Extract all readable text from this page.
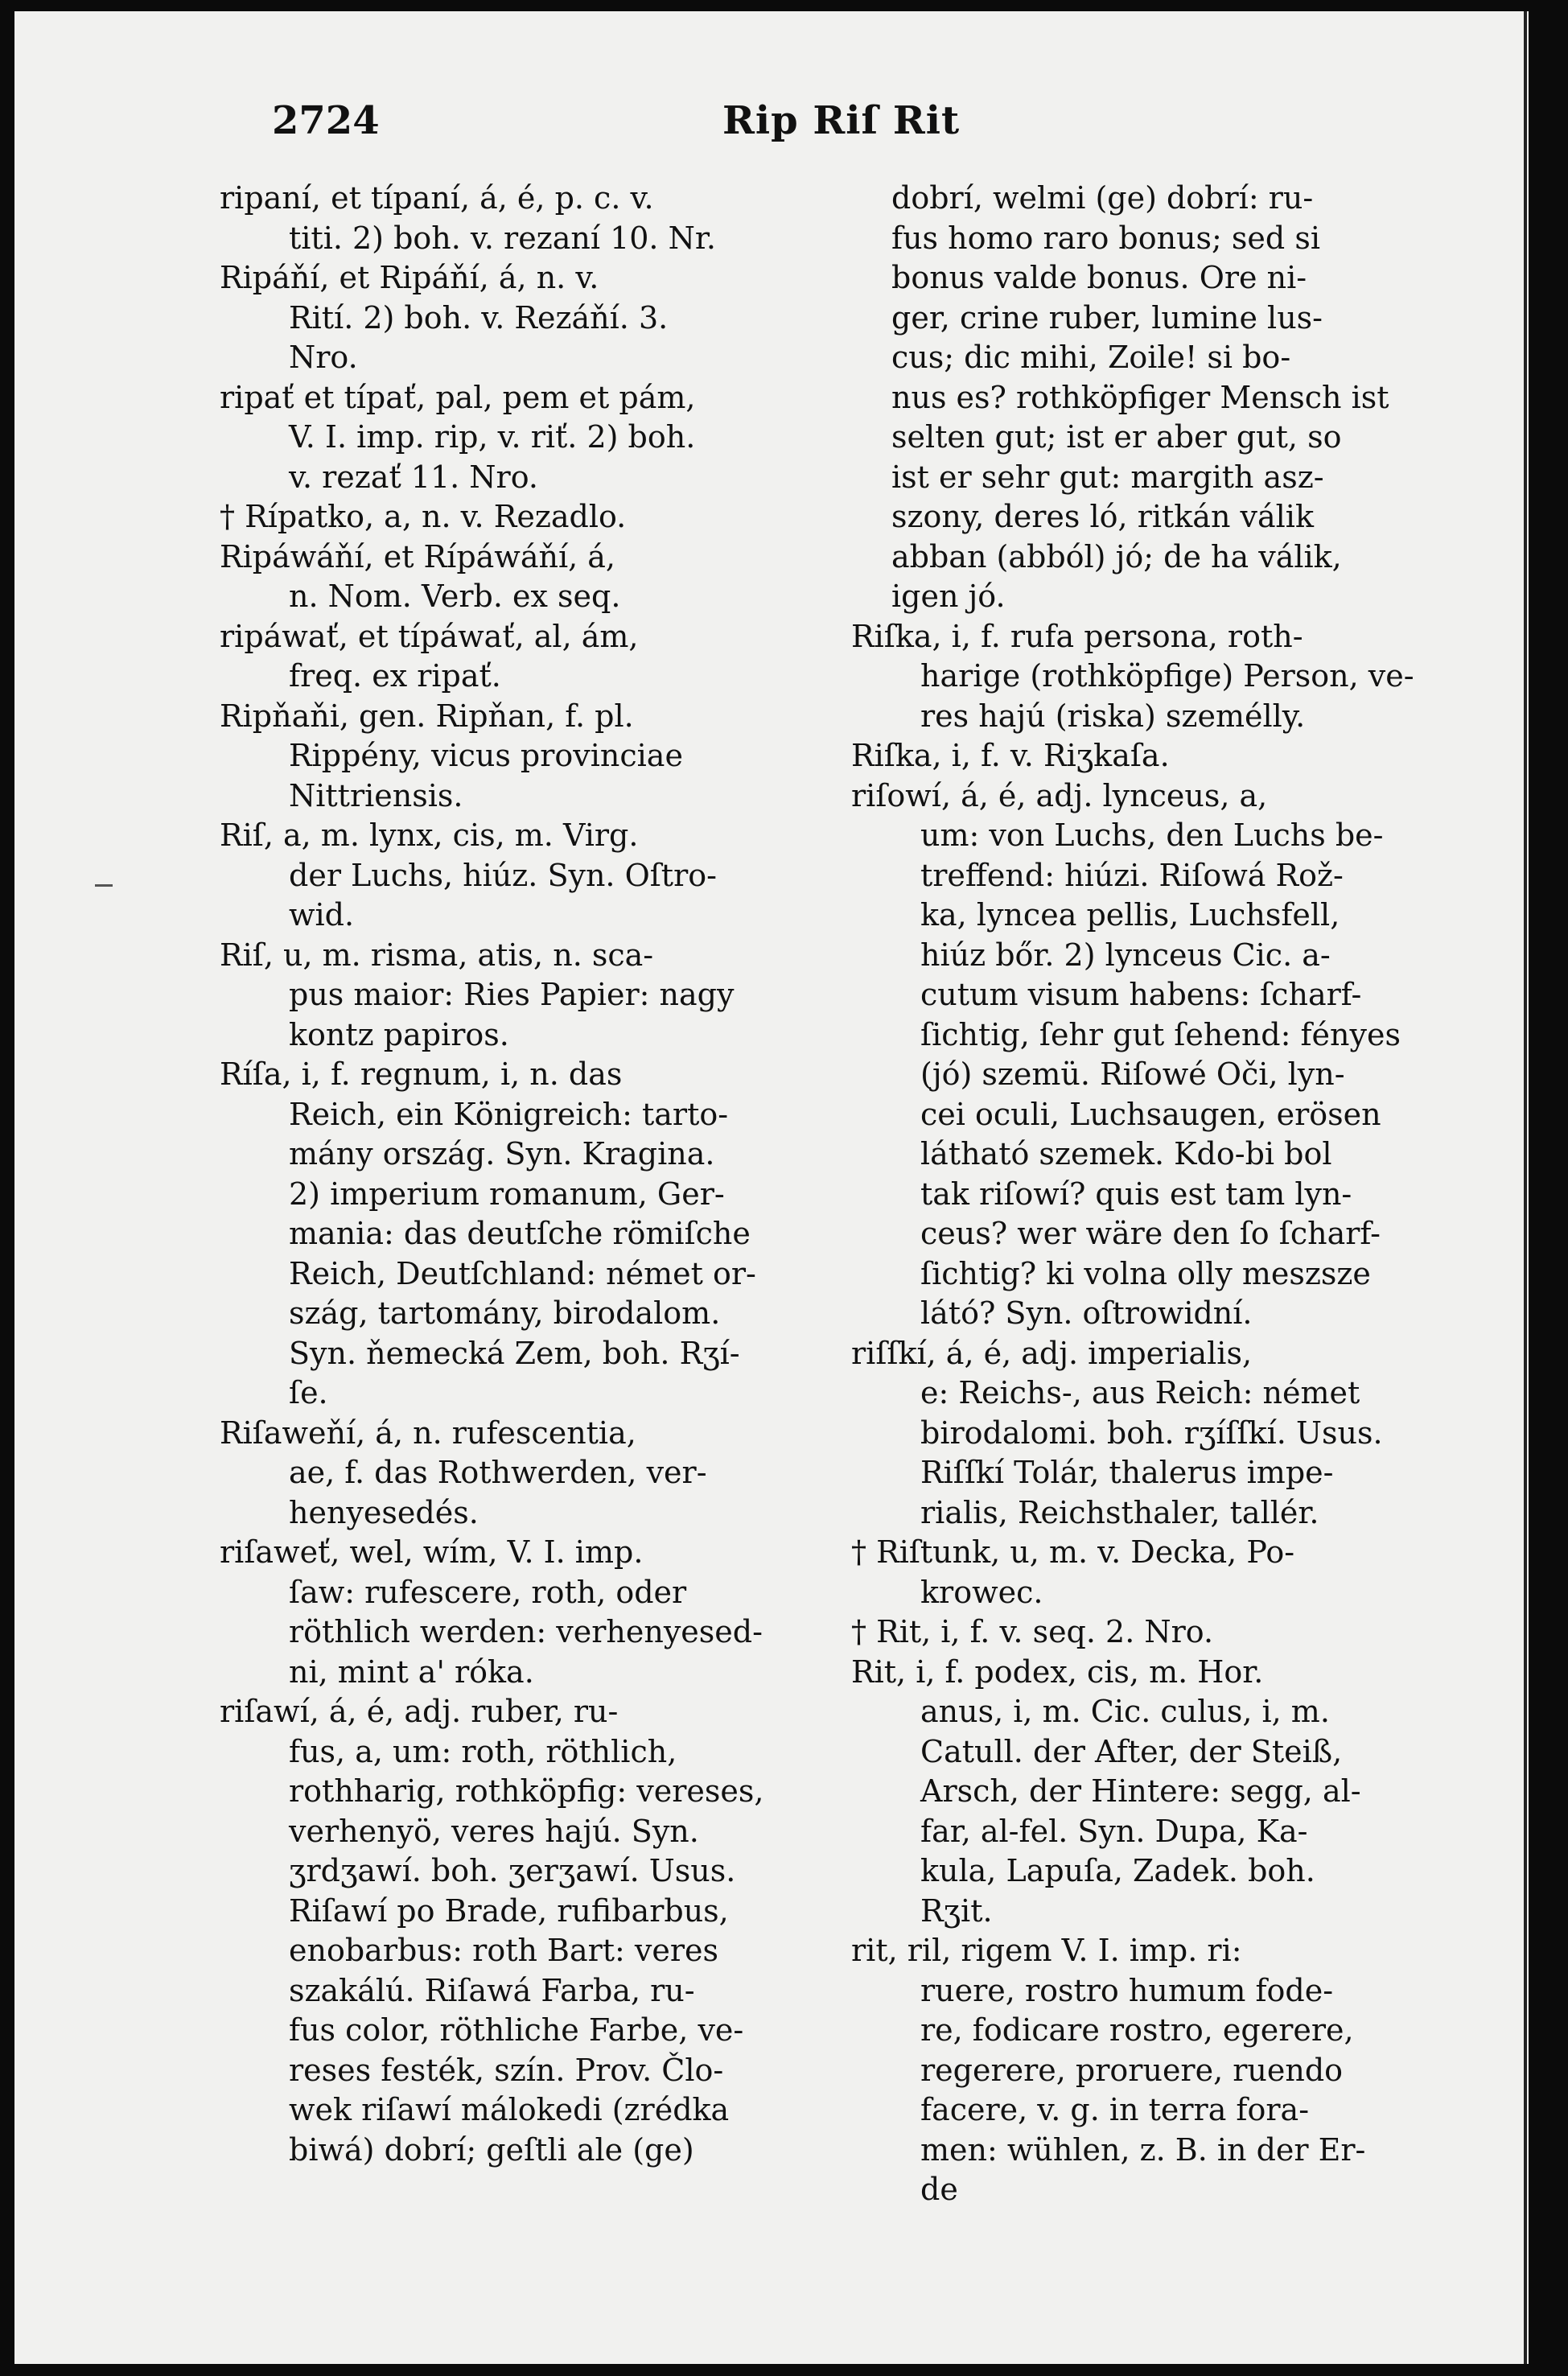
2724	Rip Riſ Rit

ripaní, et típaní, á, é, p. c. v.
titi. 2) boh. v. rezaní 10. Nr.

Ripáňí, et Ripáňí, á, n. v.
Rití. 2) boh. v. Rezáňí. 3.
Nro.

ripať et típať, pal, pem et pám,
V. I. imp. rip, v. riť. 2) boh.
v. rezať 11. Nro.

† Rípatko, a, n. v. Rezadlo.

Ripáwáňí, et Rípáwáňí, á,
n. Nom. Verb. ex seq.

ripáwať, et típáwať, al, ám,
freq. ex ripať.

Ripňaňi, gen. Ripňan, f. pl.
Rippény, vicus provinciae
Nittriensis.

Riſ, a, m. lynx, cis, m. Virg.
der Luchs, hiúz. Syn. Oſtro-
wid.

Riſ, u, m. risma, atis, n. sca-
pus maior: Ries Papier: nagy
kontz papiros.

Ríſa, i, f. regnum, i, n. das
Reich, ein Königreich: tarto-
mány ország. Syn. Kragina.
2) imperium romanum, Ger-
mania: das deutſche römiſche
Reich, Deutſchland: német or-
szág, tartomány, birodalom.
Syn. ňemecká Zem, boh. Rʒí-
ſe.

Riſaweňí, á, n. rufescentia,
ae, f. das Rothwerden, ver-
henyesedés.

riſaweť, wel, wím, V. I. imp.
ſaw: rufescere, roth, oder
röthlich werden: verhenyesed-
ni, mint a' róka.

riſawí, á, é, adj. ruber, ru-
fus, a, um: roth, röthlich,
rothharig, rothköpfig: vereses,
verhenyö, veres hajú. Syn.
ʒrdʒawí. boh. ʒerʒawí. Usus.
Riſawí po Brade, rufibarbus,
enobarbus: roth Bart: veres
szakálú. Riſawá Farba, ru-
fus color, röthliche Farbe, ve-
reses festék, szín. Prov. Člo-
wek riſawí málokedi (zrédka
biwá) dobrí; geſtli ale (ge)

dobrí, welmi (ge) dobrí: ru-
fus homo raro bonus; sed si
bonus valde bonus. Ore ni-
ger, crine ruber, lumine lus-
cus; dic mihi, Zoile! si bo-
nus es? rothköpfiger Mensch ist
selten gut; ist er aber gut, so
ist er sehr gut: margith asz-
szony, deres ló, ritkán válik
abban (abból) jó; de ha válik,
igen jó.

Riſka, i, f. rufa persona, roth-
harige (rothköpfige) Person, ve-
res hajú (riska) személly.

Riſka, i, f. v. Riʒkaſa.

riſowí, á, é, adj. lynceus, a,
um: von Luchs, den Luchs be-
treffend: hiúzi. Riſowá Rož-
ka, lyncea pellis, Luchsfell,
hiúz bőr. 2) lynceus Cic. a-
cutum visum habens: ſcharf-
ſichtig, ſehr gut ſehend: fényes
(jó) szemü. Riſowé Oči, lyn-
cei oculi, Luchsaugen, erösen
látható szemek. Kdo-bi bol
tak riſowí? quis est tam lyn-
ceus? wer wäre den ſo ſcharf-
ſichtig? ki volna olly meszsze
látó? Syn. oſtrowidní.

riſſkí, á, é, adj. imperialis,
e: Reichs-, aus Reich: német
birodalomi. boh. rʒíſſkí. Usus.
Riſſkí Tolár, thalerus impe-
rialis, Reichsthaler, tallér.

† Riſtunk, u, m. v. Decka, Po-
krowec.

† Rit, i, f. v. seq. 2. Nro.

Rit, i, f. podex, cis, m. Hor.
anus, i, m. Cic. culus, i, m.
Catull. der After, der Steiß,
Arsch, der Hintere: segg, al-
far, al-fel. Syn. Dupa, Ka-
kula, Lapuſa, Zadek. boh.
Rʒit.

rit, ril, rigem V. I. imp. ri:
ruere, rostro humum fode-
re, fodicare rostro, egerere,
regerere, proruere, ruendo
facere, v. g. in terra fora-
men: wühlen, z. B. in der Er-
de
